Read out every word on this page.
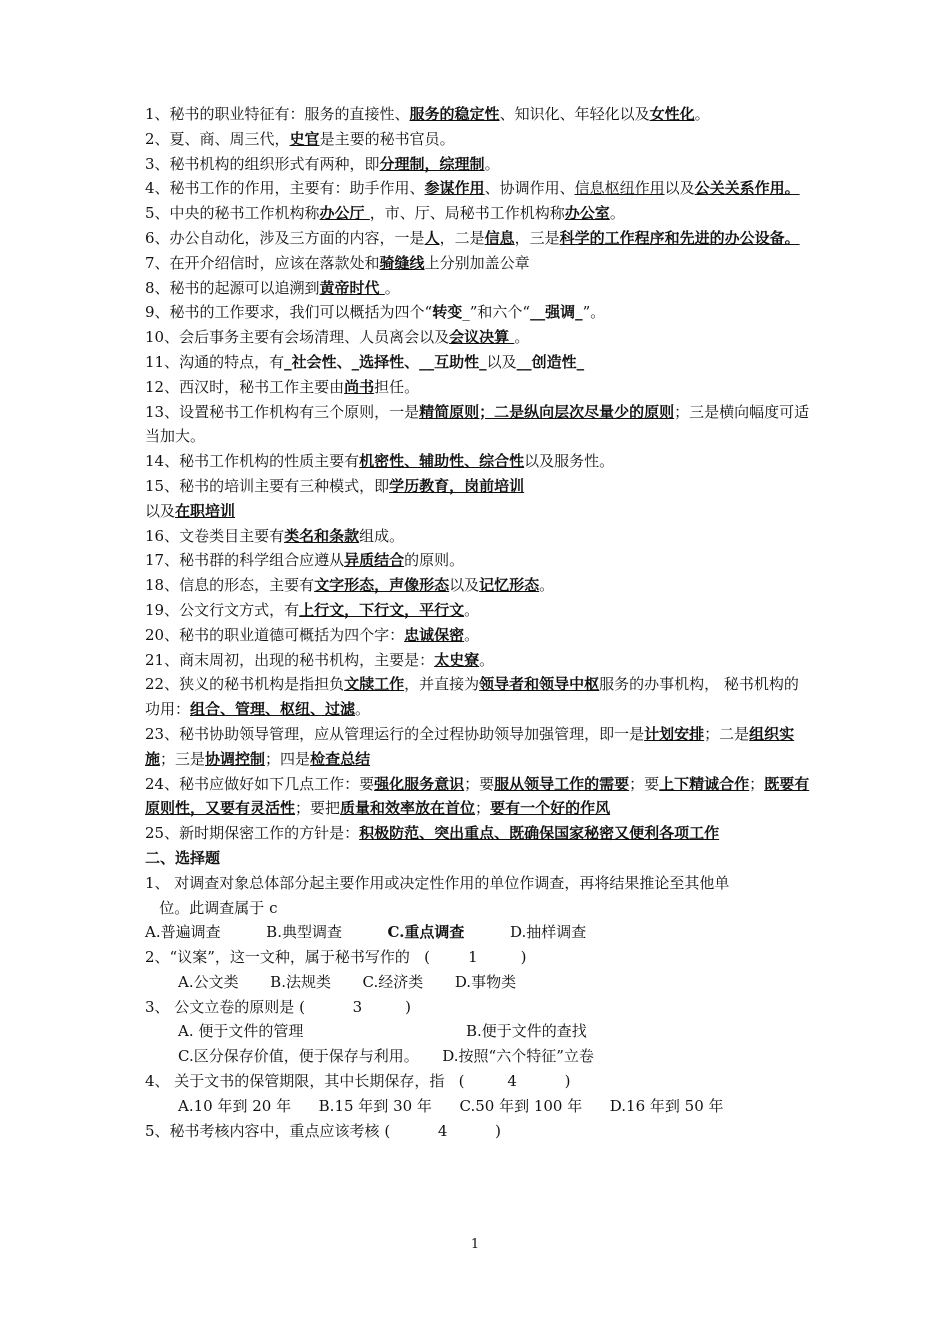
1、秘书的职业特征有：服务的直接性、服务的稳定性、知识化、年轻化以及女性化。

2、夏、商、周三代，史官是主要的秘书官员。

3、秘书机构的组织形式有两种，即分理制，综理制。

4、秘书工作的作用，主要有：助手作用、参谋作用、协调作用、信息枢纽作用以及公关关系作用。

5、中央的秘书工作机构称办公厅 ，市、厅、局秘书工作机构称办公室。

6、办公自动化，涉及三方面的内容，一是人，二是信息，三是科学的工作程序和先进的办公设备。

7、在开介绍信时，应该在落款处和骑缝线上分别加盖公章

8、秘书的起源可以追溯到黄帝时代 。

9、秘书的工作要求，我们可以概括为四个“转变_”和六个“__强调_”。

10、会后事务主要有会场清理、人员离会以及会议决算 。

11、沟通的特点，有_社会性、_选择性、__互助性_以及__创造性_

12、西汉时，秘书工作主要由尚书担任。

13、设置秘书工作机构有三个原则，一是精简原则；二是纵向层次尽量少的原则；三是横向幅度可适当加大。

14、秘书工作机构的性质主要有机密性、辅助性、综合性以及服务性。

15、秘书的培训主要有三种模式，即学历教育，岗前培训

以及在职培训

16、文卷类目主要有类名和条款组成。

17、秘书群的科学组合应遵从异质结合的原则。

18、信息的形态，主要有文字形态，声像形态以及记忆形态。

19、公文行文方式，有上行文，下行文，平行文。

20、秘书的职业道德可概括为四个字：忠诚保密。

21、商末周初，出现的秘书机构，主要是：太史寮。

22、狭义的秘书机构是指担负文牍工作，并直接为领导者和领导中枢服务的办事机构， 秘书机构的功用：组合、管理、枢纽、过滤。

23、秘书协助领导管理，应从管理运行的全过程协助领导加强管理，即一是计划安排；二是组织实施；三是协调控制；四是检查总结

24、秘书应做好如下几点工作：要强化服务意识；要服从领导工作的需要；要上下精诚合作；既要有原则性，又要有灵活性；要把质量和效率放在首位；要有一个好的作风

25、新时期保密工作的方针是：积极防范、突出重点、既确保国家秘密又便利各项工作

二、选择题

1、 对调查对象总体部分起主要作用或决定性作用的单位作调查，再将结果推论至其他单

位。此调查属于 c

A.普遍调查	B.典型调查	C.重点调查	D.抽样调查

2、“议案”，这一文种，属于秘书写作的   (        1         )

A.公文类 B.法规类 C.经济类 D.事物类

3、 公文立卷的原则是 (          3         )

A. 便于文件的管理	B.便于文件的查找

C.区分保存价值，便于保存与利用。 D.按照“六个特征”立卷

4、 关于文书的保管期限，其中长期保存，指   (         4          )

A.10 年到 20 年 B.15 年到 30 年 C.50 年到 100 年 D.16 年到 50 年

5、秘书考核内容中，重点应该考核 (          4          )

1
